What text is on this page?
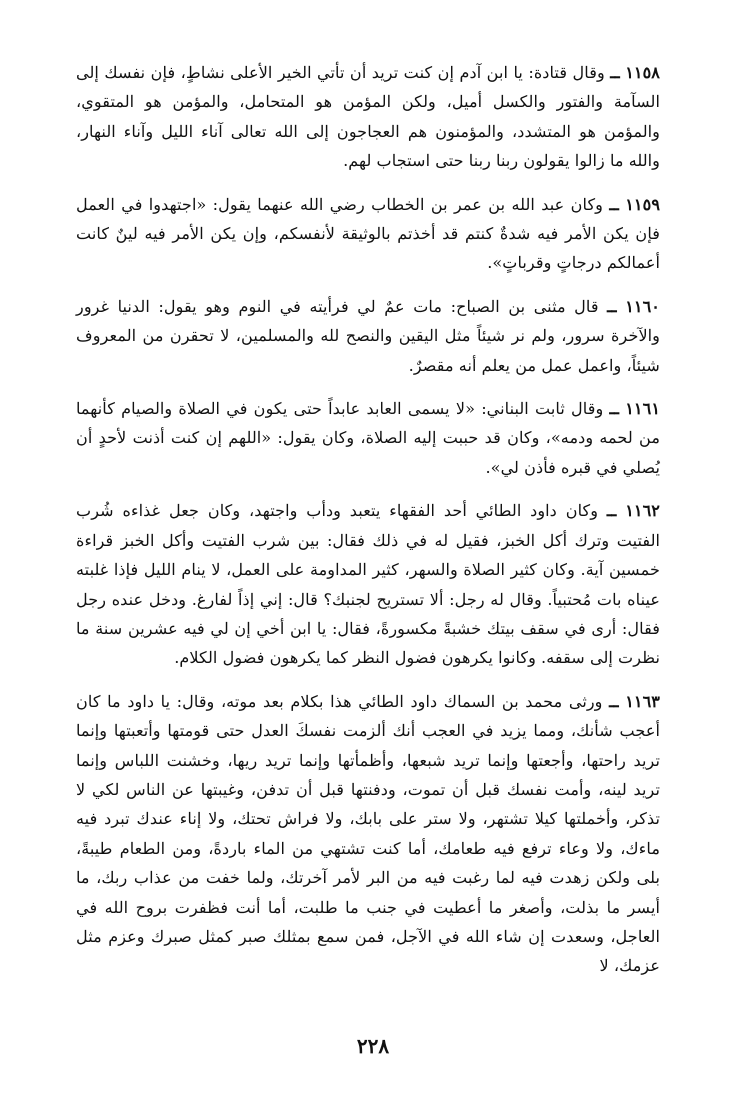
١١٥٨ ــ وقال قتادة: يا ابن آدم إن كنت تريد أن تأتي الخير الأعلى نشاطٍ، فإن نفسك إلى السآمة والفتور والكسل أميل، ولكن المؤمن هو المتحامل، والمؤمن هو المتقوي، والمؤمن هو المتشدد، والمؤمنون هم العجاجون إلى الله تعالى آناء الليل وآناء النهار، والله ما زالوا يقولون ربنا ربنا حتى استجاب لهم.

١١٥٩ ــ وكان عبد الله بن عمر بن الخطاب رضي الله عنهما يقول: «اجتهدوا في العمل فإن يكن الأمر فيه شدةٌ كنتم قد أخذتم بالوثيقة لأنفسكم، وإن يكن الأمر فيه لينٌ كانت أعمالكم درجاتٍ وقرباتٍ».

١١٦٠ ــ قال مثنى بن الصباح: مات عمٌ لي فرأيته في النوم وهو يقول: الدنيا غرور والآخرة سرور، ولم نر شيئاً مثل اليقين والنصح لله والمسلمين، لا تحقرن من المعروف شيئاً، واعمل عمل من يعلم أنه مقصرٌ.

١١٦١ ــ وقال ثابت البناني: «لا يسمى العابد عابداً حتى يكون في الصلاة والصيام كأنهما من لحمه ودمه»، وكان قد حببت إليه الصلاة، وكان يقول: «اللهم إن كنت أذنت لأحدٍ أن يُصلي في قبره فأذن لي».

١١٦٢ ــ وكان داود الطائي أحد الفقهاء يتعبد ودأب واجتهد، وكان جعل غذاءه شُرب الفتيت وترك أكل الخبز، فقيل له في ذلك فقال: بين شرب الفتيت وأكل الخبز قراءة خمسين آية. وكان كثير الصلاة والسهر، كثير المداومة على العمل، لا ينام الليل فإذا غلبته عيناه بات مُحتبياً. وقال له رجل: ألا تستريح لجنبك؟ قال: إني إذاً لفارغ. ودخل عنده رجل فقال: أرى في سقف بيتك خشبةً مكسورةً، فقال: يا ابن أخي إن لي فيه عشرين سنة ما نظرت إلى سقفه. وكانوا يكرهون فضول النظر كما يكرهون فضول الكلام.

١١٦٣ ــ ورثى محمد بن السماك داود الطائي هذا بكلام بعد موته، وقال: يا داود ما كان أعجب شأنك، ومما يزيد في العجب أنك ألزمت نفسكَ العدل حتى قومتها وأتعبتها وإنما تريد راحتها، وأجعتها وإنما تريد شبعها، وأظمأتها وإنما تريد ريها، وخشنت اللباس وإنما تريد لينه، وأمت نفسك قبل أن تموت، ودفنتها قبل أن تدفن، وغيبتها عن الناس لكي لا تذكر، وأخملتها كيلا تشتهر، ولا ستر على بابك، ولا فراش تحتك، ولا إناء عندك تبرد فيه ماءك، ولا وعاء ترفع فيه طعامك، أما كنت تشتهي من الماء باردةً، ومن الطعام طيبةً، بلى ولكن زهدت فيه لما رغبت فيه من البر لأمر آخرتك، ولما خفت من عذاب ربك، ما أيسر ما بذلت، وأصغر ما أعطيت في جنب ما طلبت، أما أنت فظفرت بروح الله في العاجل، وسعدت إن شاء الله في الآجل، فمن سمع بمثلك صبر كمثل صبرك وعزم مثل عزمك، لا

٢٢٨
